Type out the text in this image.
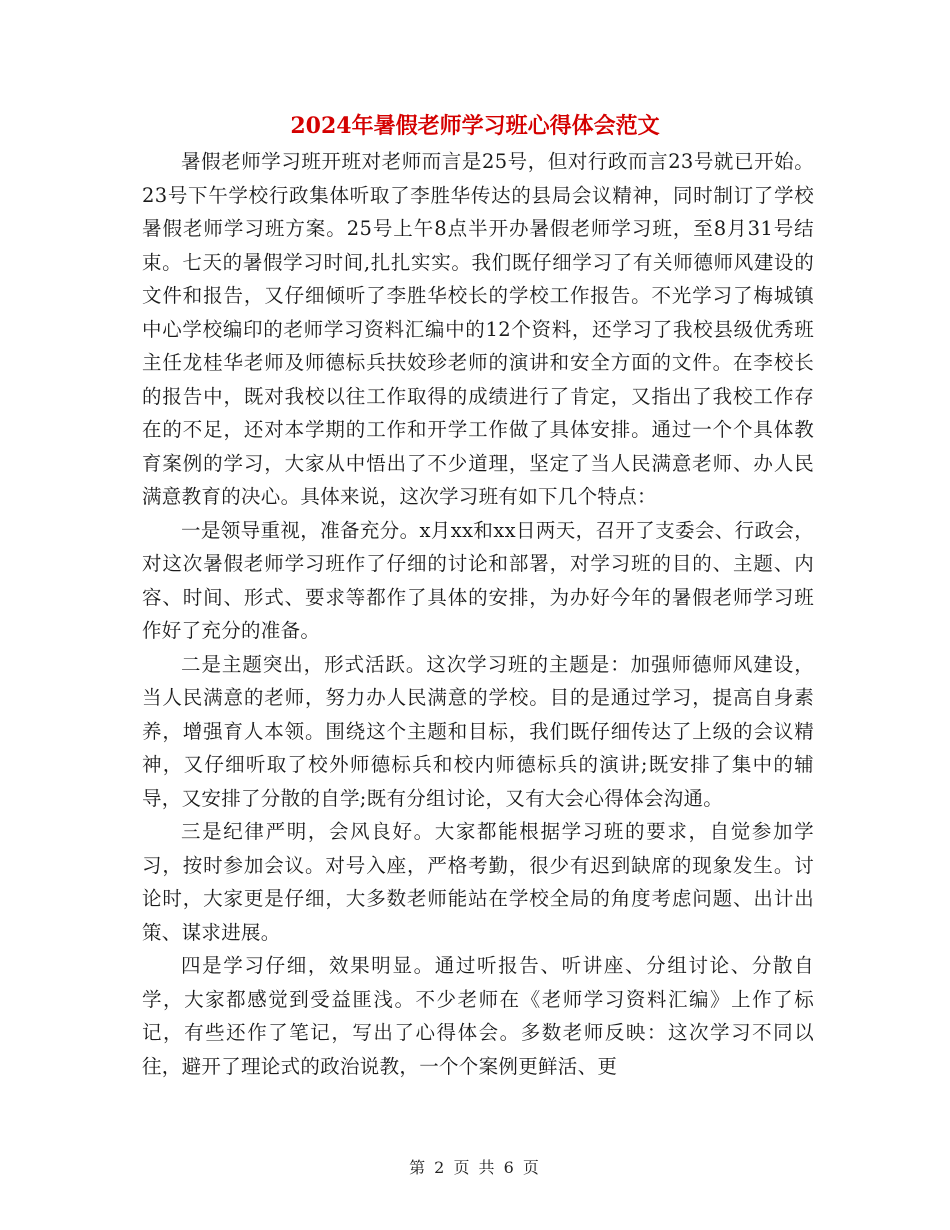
2024年暑假老师学习班心得体会范文

暑假老师学习班开班对老师而言是25号，但对行政而言23号就已开始。23号下午学校行政集体听取了李胜华传达的县局会议精神，同时制订了学校暑假老师学习班方案。25号上午8点半开办暑假老师学习班，至8月31号结束。七天的暑假学习时间,扎扎实实。我们既仔细学习了有关师德师风建设的文件和报告，又仔细倾听了李胜华校长的学校工作报告。不光学习了梅城镇中心学校编印的老师学习资料汇编中的12个资料，还学习了我校县级优秀班主任龙桂华老师及师德标兵扶姣珍老师的演讲和安全方面的文件。在李校长的报告中，既对我校以往工作取得的成绩进行了肯定，又指出了我校工作存在的不足，还对本学期的工作和开学工作做了具体安排。通过一个个具体教育案例的学习，大家从中悟出了不少道理，坚定了当人民满意老师、办人民满意教育的决心。具体来说，这次学习班有如下几个特点：

一是领导重视，准备充分。x月xx和xx日两天，召开了支委会、行政会，对这次暑假老师学习班作了仔细的讨论和部署，对学习班的目的、主题、内容、时间、形式、要求等都作了具体的安排，为办好今年的暑假老师学习班作好了充分的准备。

二是主题突出，形式活跃。这次学习班的主题是：加强师德师风建设，当人民满意的老师，努力办人民满意的学校。目的是通过学习，提高自身素养，增强育人本领。围绕这个主题和目标，我们既仔细传达了上级的会议精神，又仔细听取了校外师德标兵和校内师德标兵的演讲;既安排了集中的辅导，又安排了分散的自学;既有分组讨论，又有大会心得体会沟通。

三是纪律严明，会风良好。大家都能根据学习班的要求，自觉参加学习，按时参加会议。对号入座，严格考勤，很少有迟到缺席的现象发生。讨论时，大家更是仔细，大多数老师能站在学校全局的角度考虑问题、出计出策、谋求进展。

四是学习仔细，效果明显。通过听报告、听讲座、分组讨论、分散自学，大家都感觉到受益匪浅。不少老师在《老师学习资料汇编》上作了标记，有些还作了笔记，写出了心得体会。多数老师反映：这次学习不同以往，避开了理论式的政治说教，一个个案例更鲜活、更

第 2 页 共 6 页
